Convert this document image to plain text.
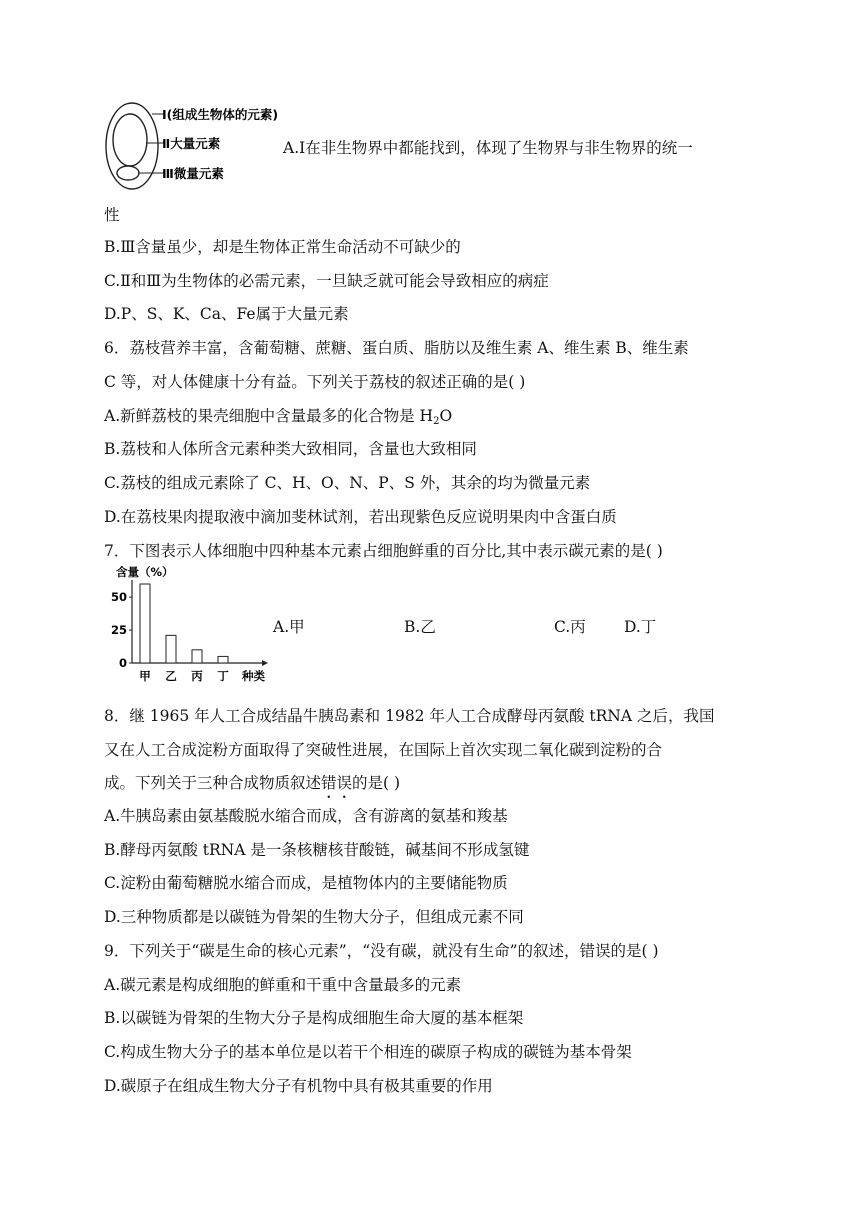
Ⅰ(组成生物体的元素)
Ⅱ大量元素
Ⅲ微量元素
A.Ⅰ在非生物界中都能找到，体现了生物界与非生物界的统一
性
B.Ⅲ含量虽少，却是生物体正常生命活动不可缺少的
C.Ⅱ和Ⅲ为生物体的必需元素，一旦缺乏就可能会导致相应的病症
D.P、S、K、Ca、Fe属于大量元素
6．荔枝营养丰富，含葡萄糖、蔗糖、蛋白质、脂肪以及维生素 A、维生素 B、维生素
C 等，对人体健康十分有益。下列关于荔枝的叙述正确的是( )
A.新鲜荔枝的果壳细胞中含量最多的化合物是 $H_2O$
B.荔枝和人体所含元素种类大致相同，含量也大致相同
C.荔枝的组成元素除了 C、H、O、N、P、S 外，其余的均为微量元素
D.在荔枝果肉提取液中滴加斐林试剂，若出现紫色反应说明果肉中含蛋白质
7．下图表示人体细胞中四种基本元素占细胞鲜重的百分比,其中表示碳元素的是( )
含量（%）
种类
0
25
50
甲 乙 丙 丁
A.甲	B.乙	C.丙 D.丁
8．继 1965 年人工合成结晶牛胰岛素和 1982 年人工合成酵母丙氨酸 tRNA 之后，我国
又在人工合成淀粉方面取得了突破性进展，在国际上首次实现二氧化碳到淀粉的合
成。下列关于三种合成物质叙述错误的是( )
A.牛胰岛素由氨基酸脱水缩合而成，含有游离的氨基和羧基
B.酵母丙氨酸 tRNA 是一条核糖核苷酸链，碱基间不形成氢键
C.淀粉由葡萄糖脱水缩合而成，是植物体内的主要储能物质
D.三种物质都是以碳链为骨架的生物大分子，但组成元素不同
9．下列关于“碳是生命的核心元素”，“没有碳，就没有生命”的叙述，错误的是( )
A.碳元素是构成细胞的鲜重和干重中含量最多的元素
B.以碳链为骨架的生物大分子是构成细胞生命大厦的基本框架
C.构成生物大分子的基本单位是以若干个相连的碳原子构成的碳链为基本骨架
D.碳原子在组成生物大分子有机物中具有极其重要的作用
